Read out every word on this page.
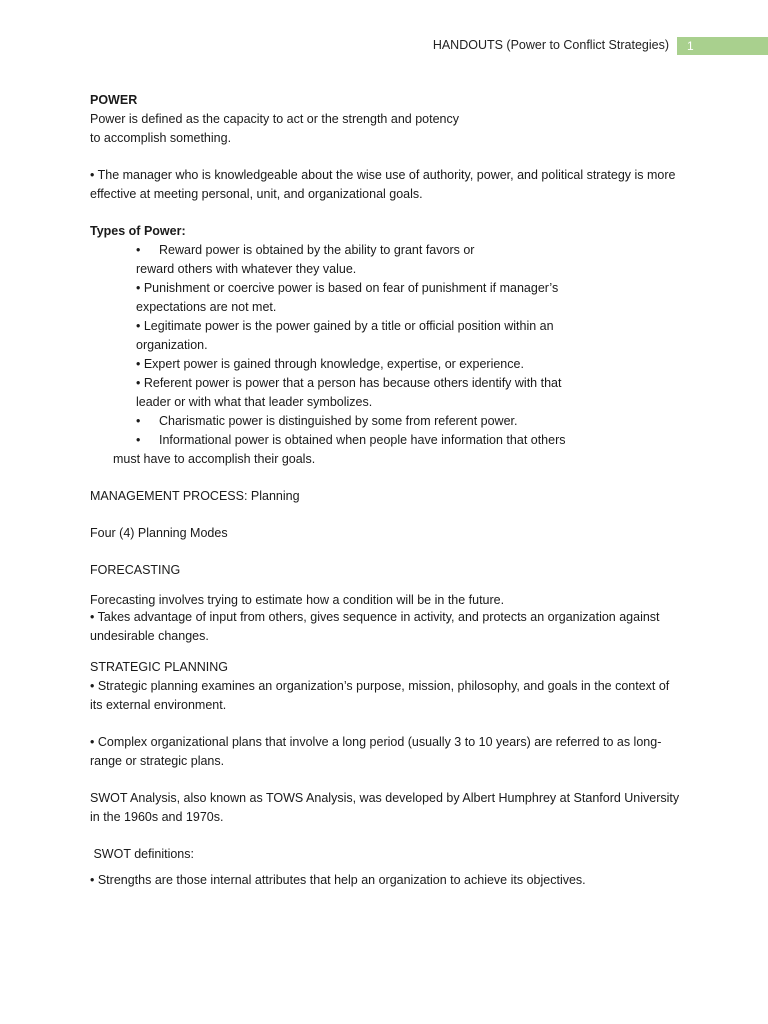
HANDOUTS (Power to Conflict Strategies)	1

POWER

Power is defined as the capacity to act or the strength and potency

to accomplish something.

• The manager who is knowledgeable about the wise use of authority, power, and political strategy is more

effective at meeting personal, unit, and organizational goals.

Types of Power:

• Reward power is obtained by the ability to grant favors or

reward others with whatever they value.

• Punishment or coercive power is based on fear of punishment if manager’s

expectations are not met.

• Legitimate power is the power gained by a title or official position within an

organization.

• Expert power is gained through knowledge, expertise, or experience.

• Referent power is power that a person has because others identify with that

leader or with what that leader symbolizes.

• Charismatic power is distinguished by some from referent power.

• Informational power is obtained when people have information that others

must have to accomplish their goals.

MANAGEMENT PROCESS: Planning

Four (4) Planning Modes

FORECASTING

Forecasting involves trying to estimate how a condition will be in the future.

• Takes advantage of input from others, gives sequence in activity, and protects an organization against

undesirable changes.

STRATEGIC PLANNING

• Strategic planning examines an organization’s purpose, mission, philosophy, and goals in the context of

its external environment.

• Complex organizational plans that involve a long period (usually 3 to 10 years) are referred to as long-

range or strategic plans.

SWOT Analysis, also known as TOWS Analysis, was developed by Albert Humphrey at Stanford University

in the 1960s and 1970s.

SWOT definitions:

• Strengths are those internal attributes that help an organization to achieve its objectives.
